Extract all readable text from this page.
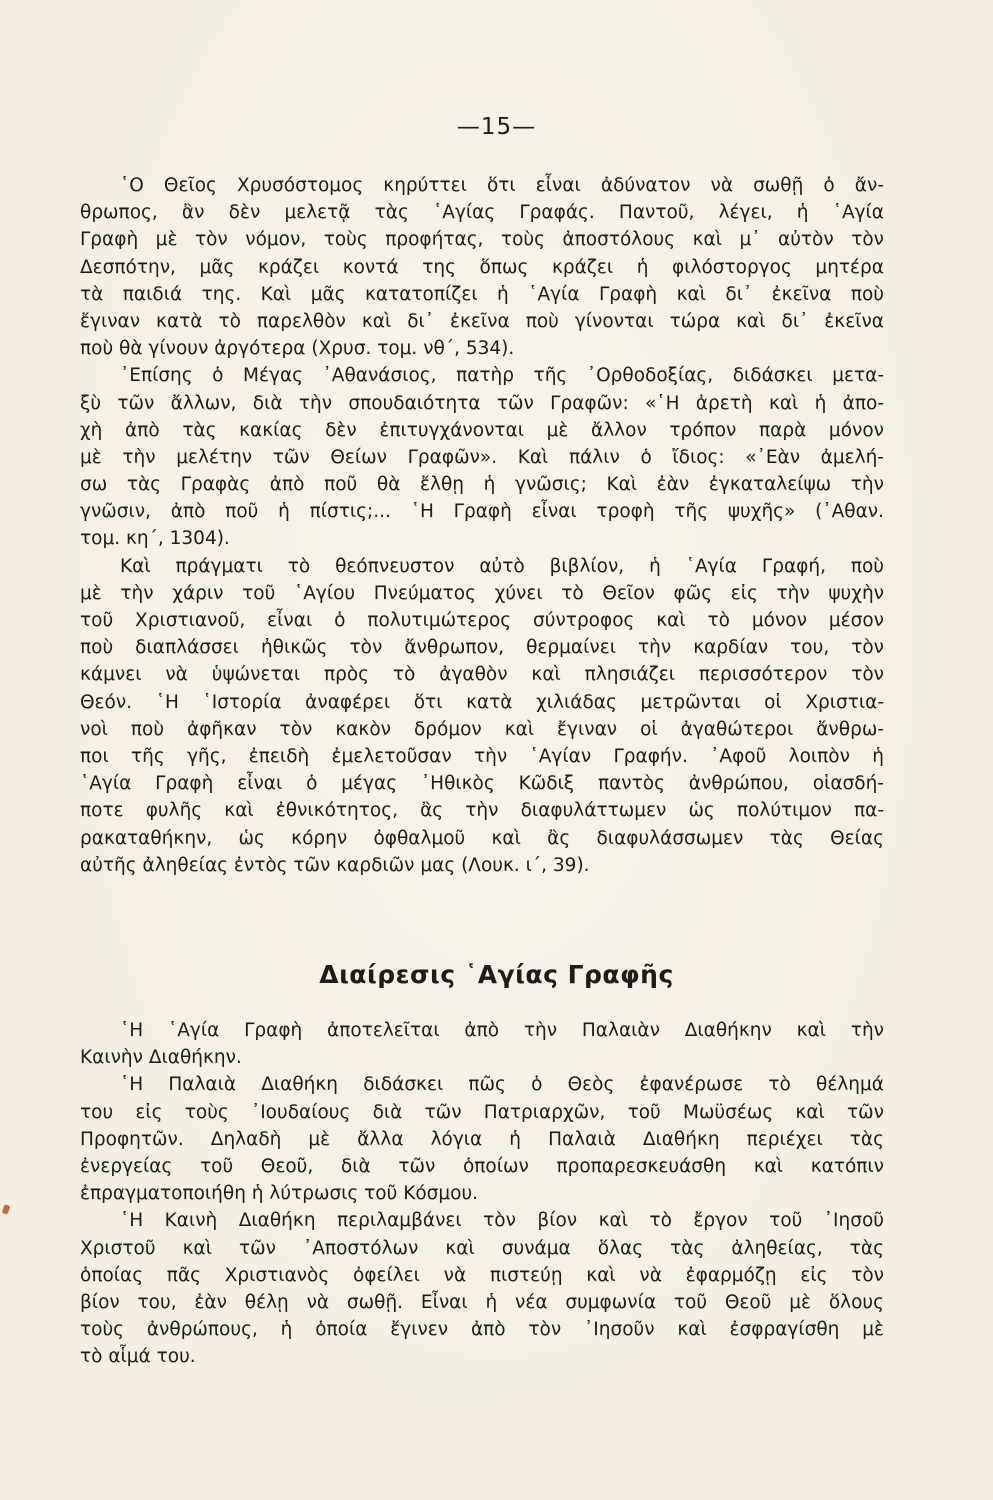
—15—
῾Ο Θεῖος Χρυσόστομος κηρύττει ὅτι εἶναι ἀδύνατον νὰ σωθῇ ὁ ἄν-
θρωπος, ἂν δὲν μελετᾷ τὰς ῾Αγίας Γραφάς. Παντοῦ, λέγει, ἡ ῾Αγία
Γραφὴ μὲ τὸν νόμον, τοὺς προφήτας, τοὺς ἀποστόλους καὶ μ᾿ αὐτὸν τὸν
Δεσπότην, μᾶς κράζει κοντά της ὅπως κράζει ἡ φιλόστοργος μητέρα
τὰ παιδιά της. Καὶ μᾶς κατατοπίζει ἡ ῾Αγία Γραφὴ καὶ δι᾿ ἐκεῖνα ποὺ
ἔγιναν κατὰ τὸ παρελθὸν καὶ δι᾿ ἐκεῖνα ποὺ γίνονται τώρα καὶ δι᾿ ἐκεῖνα
ποὺ θὰ γίνουν ἀργότερα (Χρυσ. τομ. νθ΄, 534).
᾿Επίσης ὁ Μέγας ᾿Αθανάσιος, πατὴρ τῆς ᾿Ορθοδοξίας, διδάσκει μετα-
ξὺ τῶν ἄλλων, διὰ τὴν σπουδαιότητα τῶν Γραφῶν: «῾Η ἀρετὴ καὶ ἡ ἀπο-
χὴ ἀπὸ τὰς κακίας δὲν ἐπιτυγχάνονται μὲ ἄλλον τρόπον παρὰ μόνον
μὲ τὴν μελέτην τῶν Θείων Γραφῶν». Καὶ πάλιν ὁ ἴδιος: «᾿Εὰν ἀμελή-
σω τὰς Γραφὰς ἀπὸ ποῦ θὰ ἔλθῃ ἡ γνῶσις; Καὶ ἐὰν ἐγκαταλείψω τὴν
γνῶσιν, ἀπὸ ποῦ ἡ πίστις;... ῾Η Γραφὴ εἶναι τροφὴ τῆς ψυχῆς» (᾿Αθαν.
τομ. κη΄, 1304).
Καὶ πράγματι τὸ θεόπνευστον αὐτὸ βιβλίον, ἡ ῾Αγία Γραφή, ποὺ
μὲ τὴν χάριν τοῦ ῾Αγίου Πνεύματος χύνει τὸ Θεῖον φῶς εἰς τὴν ψυχὴν
τοῦ Χριστιανοῦ, εἶναι ὁ πολυτιμώτερος σύντροφος καὶ τὸ μόνον μέσον
ποὺ διαπλάσσει ἠθικῶς τὸν ἄνθρωπον, θερμαίνει τὴν καρδίαν του, τὸν
κάμνει νὰ ὑψώνεται πρὸς τὸ ἀγαθὸν καὶ πλησιάζει περισσότερον τὸν
Θεόν. ῾Η ῾Ιστορία ἀναφέρει ὅτι κατὰ χιλιάδας μετρῶνται οἱ Χριστια-
νοὶ ποὺ ἀφῆκαν τὸν κακὸν δρόμον καὶ ἔγιναν οἱ ἀγαθώτεροι ἄνθρω-
ποι τῆς γῆς, ἐπειδὴ ἐμελετοῦσαν τὴν ῾Αγίαν Γραφήν. ᾿Αφοῦ λοιπὸν ἡ
῾Αγία Γραφὴ εἶναι ὁ μέγας ᾿Ηθικὸς Κῶδιξ παντὸς ἀνθρώπου, οἱασδή-
ποτε φυλῆς καὶ ἐθνικότητος, ἂς τὴν διαφυλάττωμεν ὡς πολύτιμον πα-
ρακαταθήκην, ὡς κόρην ὀφθαλμοῦ καὶ ἂς διαφυλάσσωμεν τὰς Θείας
αὐτῆς ἀληθείας ἐντὸς τῶν καρδιῶν μας (Λουκ. ι΄, 39).
Διαίρεσις ῾Αγίας Γραφῆς
῾Η ῾Αγία Γραφὴ ἀποτελεῖται ἀπὸ τὴν Παλαιὰν Διαθήκην καὶ τὴν
Καινὴν Διαθήκην.
῾Η Παλαιὰ Διαθήκη διδάσκει πῶς ὁ Θεὸς ἐφανέρωσε τὸ θέλημά
του εἰς τοὺς ᾿Ιουδαίους διὰ τῶν Πατριαρχῶν, τοῦ Μωϋσέως καὶ τῶν
Προφητῶν. Δηλαδὴ μὲ ἄλλα λόγια ἡ Παλαιὰ Διαθήκη περιέχει τὰς
ἐνεργείας τοῦ Θεοῦ, διὰ τῶν ὁποίων προπαρεσκευάσθη καὶ κατόπιν
ἐπραγματοποιήθη ἡ λύτρωσις τοῦ Κόσμου.
῾Η Καινὴ Διαθήκη περιλαμβάνει τὸν βίον καὶ τὸ ἔργον τοῦ ᾿Ιησοῦ
Χριστοῦ καὶ τῶν ᾿Αποστόλων καὶ συνάμα ὅλας τὰς ἀληθείας, τὰς
ὁποίας πᾶς Χριστιανὸς ὀφείλει νὰ πιστεύῃ καὶ νὰ ἐφαρμόζῃ εἰς τὸν
βίον του, ἐὰν θέλῃ νὰ σωθῇ. Εἶναι ἡ νέα συμφωνία τοῦ Θεοῦ μὲ ὅλους
τοὺς ἀνθρώπους, ἡ ὁποία ἔγινεν ἀπὸ τὸν ᾿Ιησοῦν καὶ ἐσφραγίσθη μὲ
τὸ αἷμά του.
